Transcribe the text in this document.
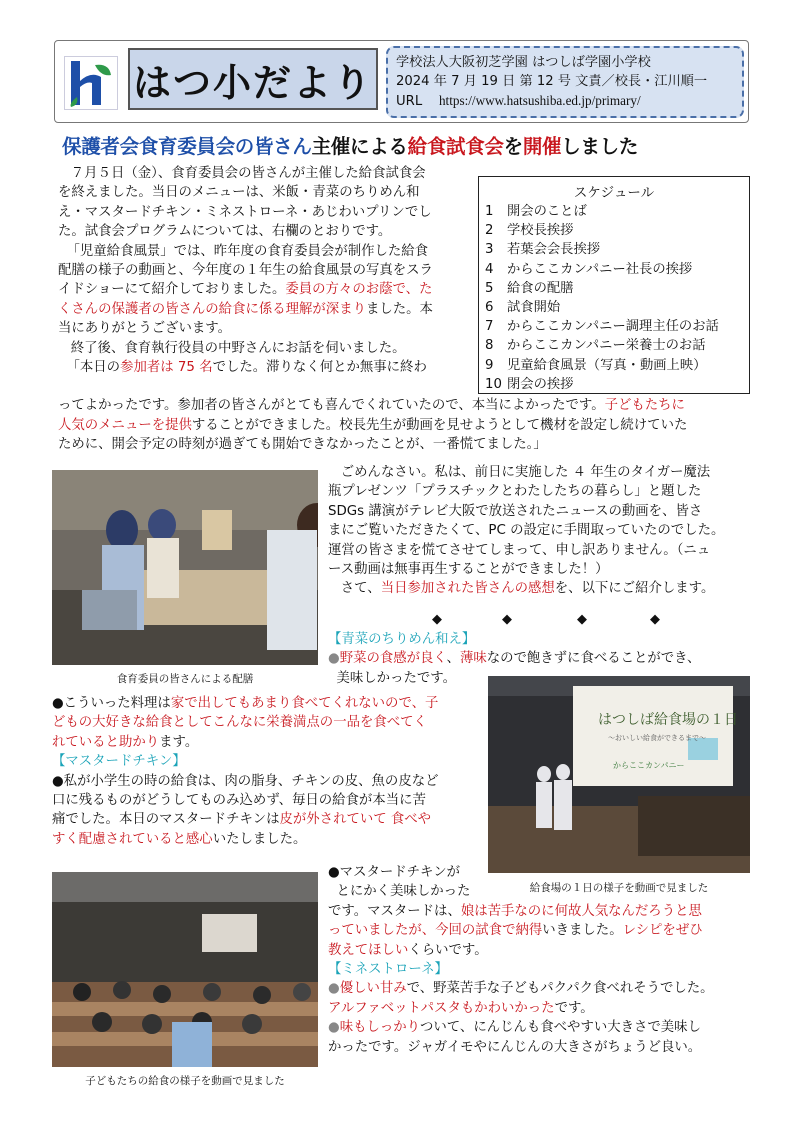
はつ小だより 学校法人大阪初芝学園 はつしば学園小学校
2024 年 7 月 19 日 第 12 号 文責／校長・江川順一
URL https://www.hatsushiba.ed.jp/primary/
保護者会食育委員会の皆さん主催による給食試食会を開催しました

７月５日（金）、食育委員会の皆さんが主催した給食試食会

を終えました。当日のメニューは、米飯・青菜のちりめん和

え・マスタードチキン・ミネストローネ・あじわいプリンでし

た。試食会プログラムについては、右欄のとおりです。

「児童給食風景」では、昨年度の食育委員会が制作した給食

配膳の様子の動画と、今年度の１年生の給食風景の写真をスラ

イドショーにて紹介しておりました。委員の方々のお蔭で、た

くさんの保護者の皆さんの給食に係る理解が深まりました。本

当にありがとうございます。

終了後、食育執行役員の中野さんにお話を伺いました。

「本日の参加者は 75 名でした。滞りなく何とか無事に終わ

スケジュール
1 開会のことば
2 学校長挨拶
3 若葉会会長挨拶
4 からここカンパニー社長の挨拶
5 給食の配膳
6 試食開始
7 からここカンパニー調理主任のお話
8 からここカンパニー栄養士のお話
9 児童給食風景（写真・動画上映）
10 閉会の挨拶

ってよかったです。参加者の皆さんがとても喜んでくれていたので、本当によかったです。子どもたちに

人気のメニューを提供することができました。校長先生が動画を見せようとして機材を設定し続けていた

ために、開会予定の時刻が過ぎても開始できなかったことが、一番慌てました。」

食育委員の皆さんによる配膳

ごめんなさい。私は、前日に実施した ４ 年生のタイガー魔法

瓶プレゼンツ「プラスチックとわたしたちの暮らし」と題した

SDGs 講演がテレビ大阪で放送されたニュースの動画を、皆さ

まにご覧いただきたくて、PC の設定に手間取っていたのでした。

運営の皆さまを慌てさせてしまって、申し訳ありません。（ニュ

ース動画は無事再生することができました！）

さて、当日参加された皆さんの感想を、以下にご紹介します。

◆	◆	◆	◆

【青菜のちりめん和え】

●野菜の食感が良く、薄味なので飽きずに食べることができ、

美味しかったです。

はつしば給食場の１日
〜おいしい給食ができるまで〜
からここカンパニー
給食場の１日の様子を動画で見ました

●こういった料理は家で出してもあまり食べてくれないので、子

どもの大好きな給食としてこんなに栄養満点の一品を食べてく

れていると助かります。

【マスタードチキン】

●私が小学生の時の給食は、肉の脂身、チキンの皮、魚の皮など

口に残るものがどうしてものみ込めず、毎日の給食が本当に苦

痛でした。本日のマスタードチキンは皮が外されていて 食べや

すく配慮されていると感心いたしました。

子どもたちの給食の様子を動画で見ました

●マスタードチキンが

とにかく美味しかった

です。マスタードは、娘は苦手なのに何故人気なんだろうと思

っていましたが、今回の試食で納得いきました。レシピをぜひ

教えてほしいくらいです。

【ミネストローネ】

●優しい甘みで、野菜苦手な子どもパクパク食べれそうでした。

アルファベットパスタもかわいかったです。

●味もしっかりついて、にんじんも食べやすい大きさで美味し

かったです。ジャガイモやにんじんの大きさがちょうど良い。
